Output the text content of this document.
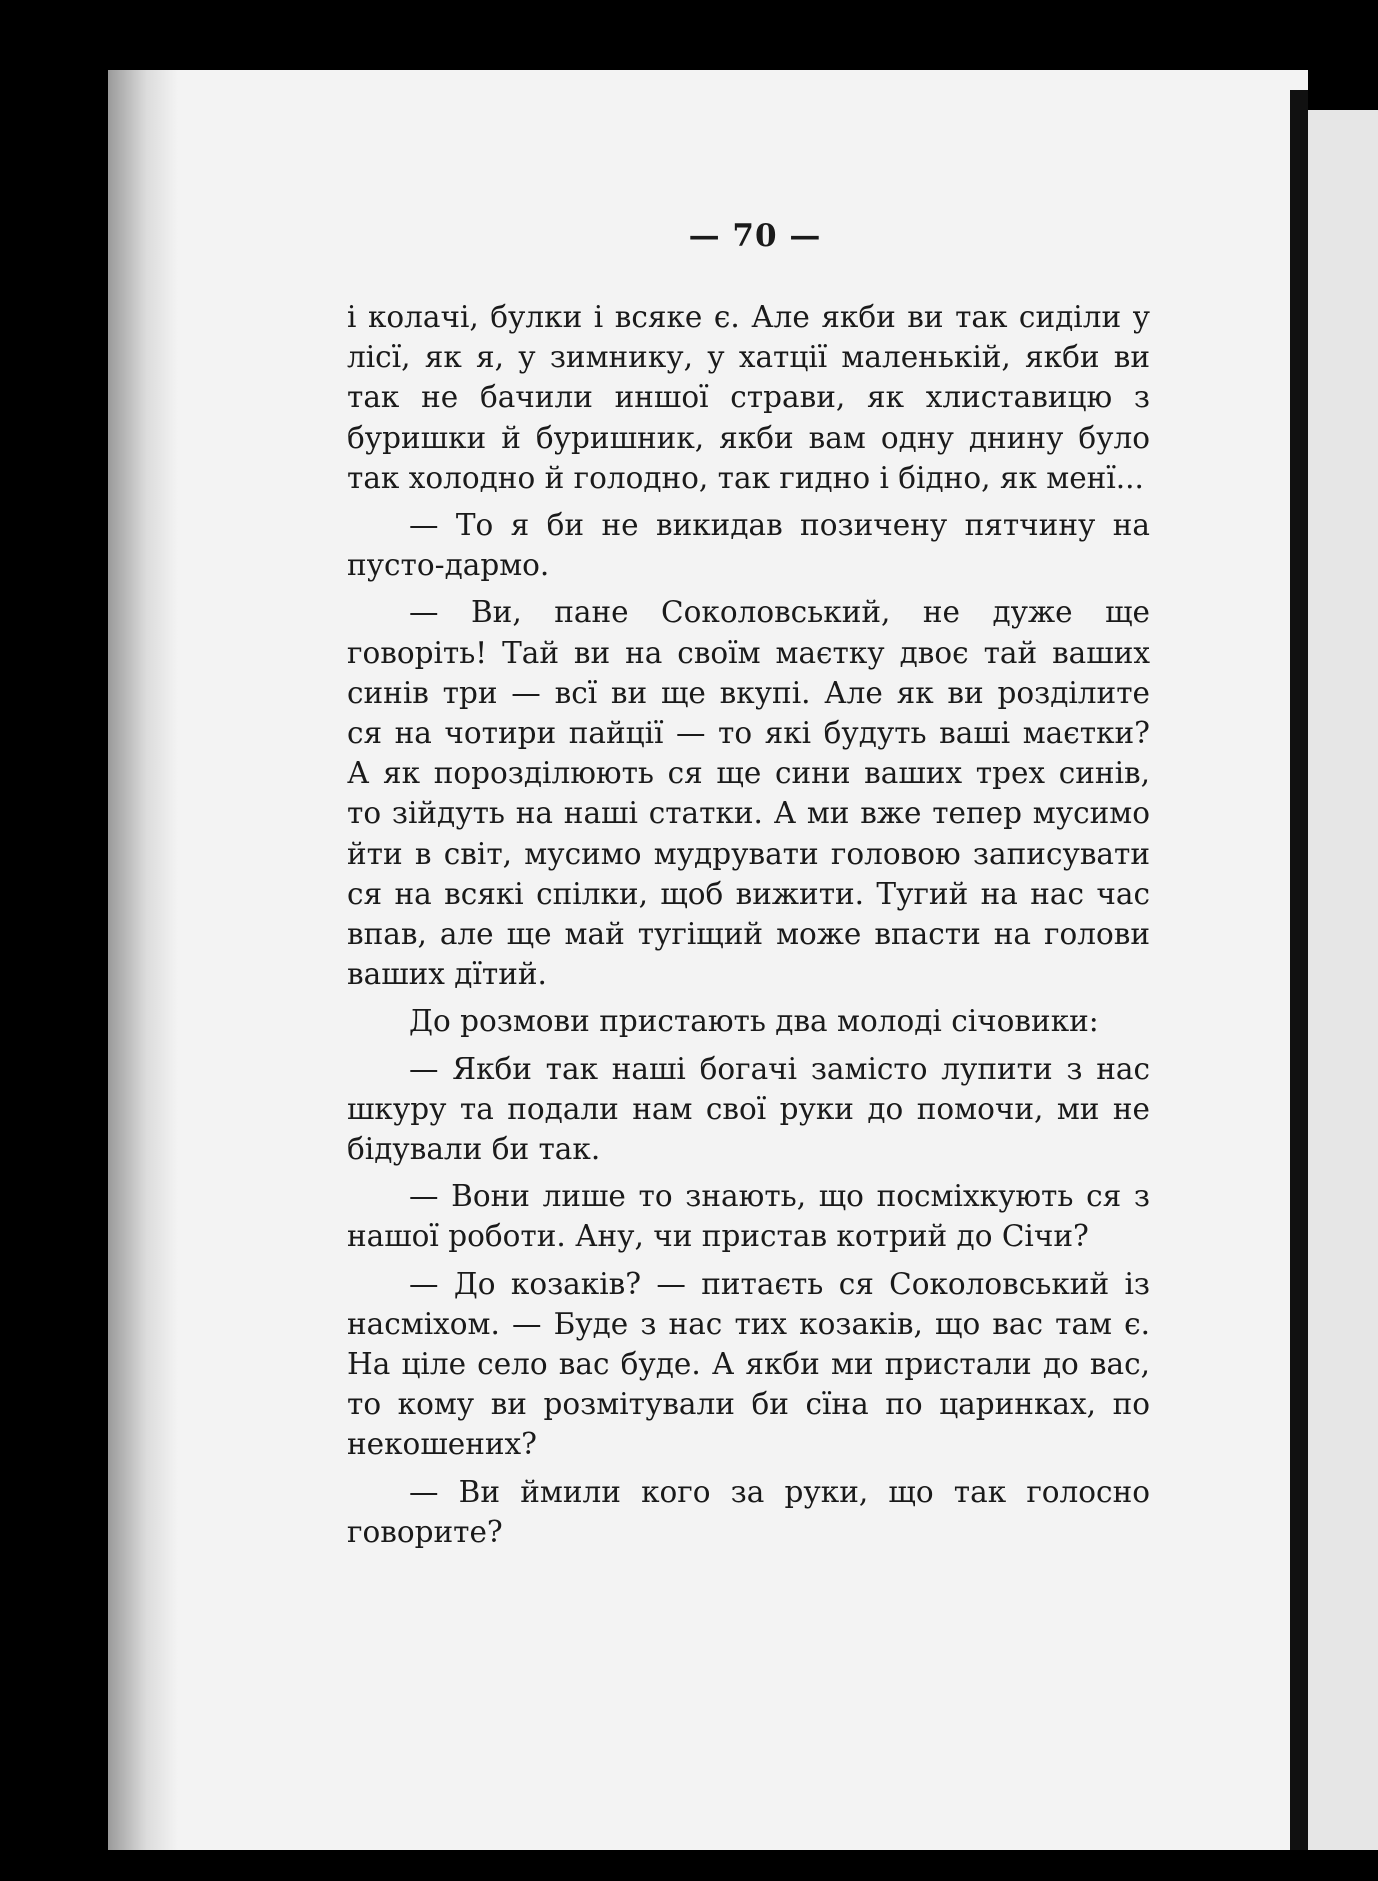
— 70 —

і колачі, булки і всяке є. Але якби ви так сиділи у лісї, як я, у зимнику, у хатції маленькій, якби ви так не бачили иншої страви, як хлиставицю з буришки й буришник, якби вам одну днину було так холодно й голодно, так гидно і бідно, як менї...

— То я би не викидав позичену пятчину на пусто-дармо.

— Ви, пане Соколовський, не дуже ще говоріть! Тай ви на своїм маєтку двоє тай ваших синів три — всї ви ще вкупі. Але як ви розділите ся на чотири пайції — то які будуть ваші маєтки? А як порозділюють ся ще сини ваших трех синів, то зійдуть на наші статки. А ми вже тепер мусимо йти в світ, мусимо мудрувати головою записувати ся на всякі спілки, щоб вижити. Тугий на нас час впав, але ще май тугіщий може впасти на голови ваших дїтий.

До розмови пристають два молоді січовики:

— Якби так наші богачі замісто лупити з нас шкуру та подали нам свої руки до помочи, ми не бідували би так.

— Вони лише то знають, що посміхкують ся з нашої роботи. Ану, чи пристав котрий до Січи?

— До козаків? — питаєть ся Соколовський із насміхом. — Буде з нас тих козаків, що вас там є. На ціле село вас буде. А якби ми пристали до вас, то кому ви розмітували би сїна по царинках, по некошених?

— Ви ймили кого за руки, що так голосно говорите?
